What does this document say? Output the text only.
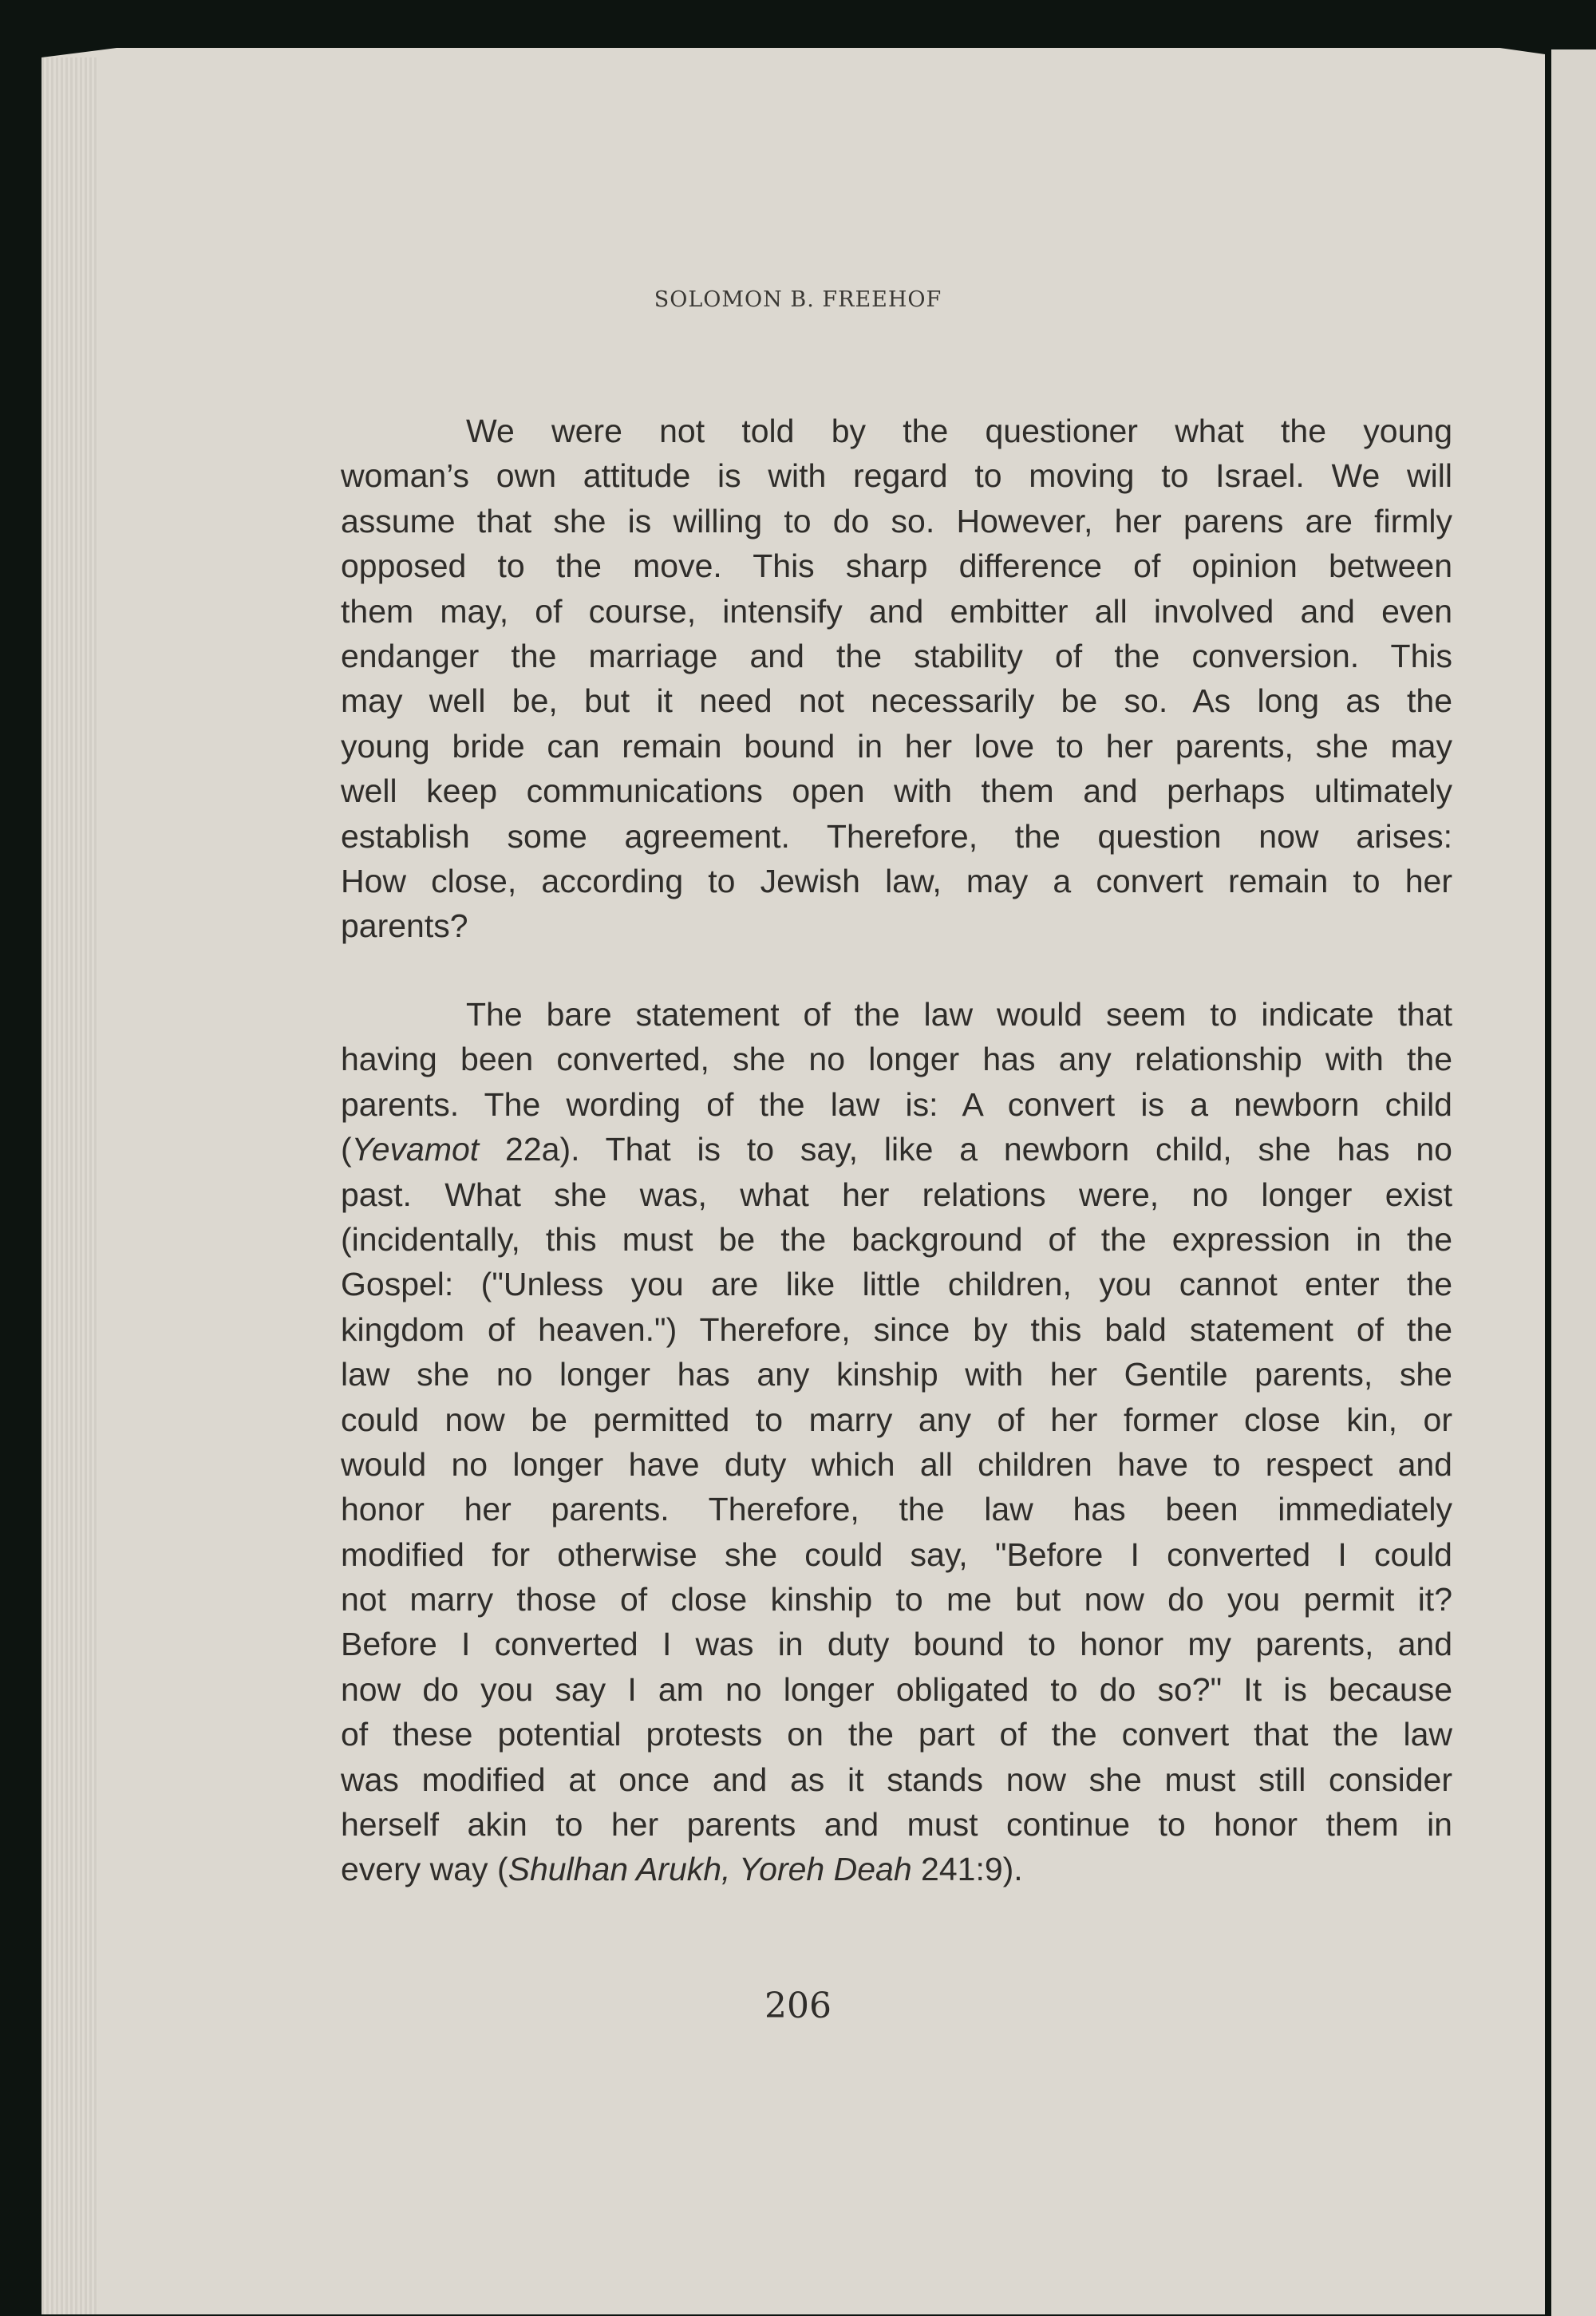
SOLOMON B. FREEHOF
We were not told by the questioner what the young
woman’s own attitude is with regard to moving to Israel. We will
assume that she is willing to do so. However, her parens are firmly
opposed to the move. This sharp difference of opinion between
them may, of course, intensify and embitter all involved and even
endanger the marriage and the stability of the conversion. This
may well be, but it need not necessarily be so. As long as the
young bride can remain bound in her love to her parents, she may
well keep communications open with them and perhaps ultimately
establish some agreement. Therefore, the question now arises:
How close, according to Jewish law, may a convert remain to her
parents?
The bare statement of the law would seem to indicate that
having been converted, she no longer has any relationship with the
parents. The wording of the law is: A convert is a newborn child
(Yevamot 22a). That is to say, like a newborn child, she has no
past. What she was, what her relations were, no longer exist
(incidentally, this must be the background of the expression in the
Gospel: ("Unless you are like little children, you cannot enter the
kingdom of heaven.") Therefore, since by this bald statement of the
law she no longer has any kinship with her Gentile parents, she
could now be permitted to marry any of her former close kin, or
would no longer have duty which all children have to respect and
honor her parents. Therefore, the law has been immediately
modified for otherwise she could say, "Before I converted I could
not marry those of close kinship to me but now do you permit it?
Before I converted I was in duty bound to honor my parents, and
now do you say I am no longer obligated to do so?" It is because
of these potential protests on the part of the convert that the law
was modified at once and as it stands now she must still consider
herself akin to her parents and must continue to honor them in
every way (Shulhan Arukh, Yoreh Deah 241:9).
206
